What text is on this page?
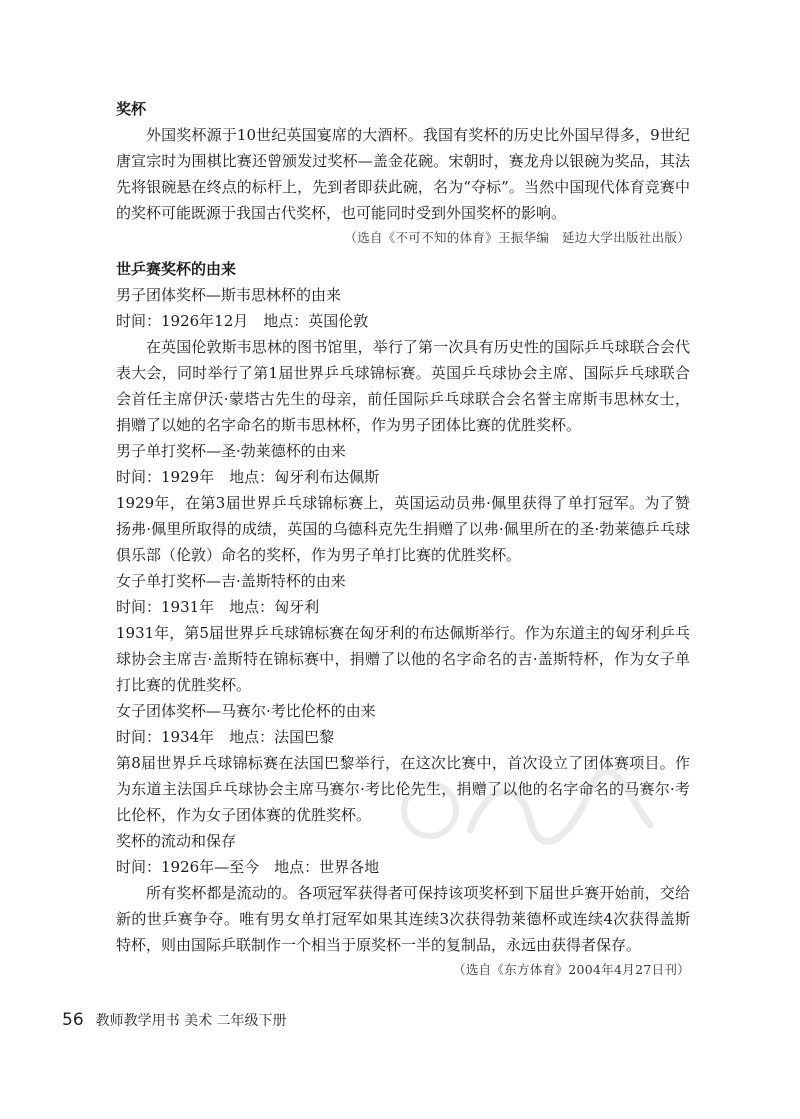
奖杯

外国奖杯源于10世纪英国宴席的大酒杯。我国有奖杯的历史比外国早得多，9世纪唐宣宗时为围棋比赛还曾颁发过奖杯—盖金花碗。宋朝时，赛龙舟以银碗为奖品，其法先将银碗悬在终点的标杆上，先到者即获此碗，名为“夺标”。当然中国现代体育竞赛中的奖杯可能既源于我国古代奖杯，也可能同时受到外国奖杯的影响。

（选自《不可不知的体育》王振华编　延边大学出版社出版）
世乒赛奖杯的由来
男子团体奖杯—斯韦思林杯的由来
时间：1926年12月　地点：英国伦敦

在英国伦敦斯韦思林的图书馆里，举行了第一次具有历史性的国际乒乓球联合会代表大会，同时举行了第1届世界乒乓球锦标赛。英国乒乓球协会主席、国际乒乓球联合会首任主席伊沃·蒙塔古先生的母亲，前任国际乒乓球联合会名誉主席斯韦思林女士，捐赠了以她的名字命名的斯韦思林杯，作为男子团体比赛的优胜奖杯。

男子单打奖杯—圣·勃莱德杯的由来
时间：1929年　地点：匈牙利布达佩斯

1929年，在第3届世界乒乓球锦标赛上，英国运动员弗·佩里获得了单打冠军。为了赞扬弗·佩里所取得的成绩，英国的乌德科克先生捐赠了以弗·佩里所在的圣·勃莱德乒乓球俱乐部（伦敦）命名的奖杯，作为男子单打比赛的优胜奖杯。

女子单打奖杯—吉·盖斯特杯的由来
时间：1931年　地点：匈牙利

1931年，第5届世界乒乓球锦标赛在匈牙利的布达佩斯举行。作为东道主的匈牙利乒乓球协会主席吉·盖斯特在锦标赛中，捐赠了以他的名字命名的吉·盖斯特杯，作为女子单打比赛的优胜奖杯。

女子团体奖杯—马赛尔·考比伦杯的由来
时间：1934年　地点：法国巴黎

第8届世界乒乓球锦标赛在法国巴黎举行，在这次比赛中，首次设立了团体赛项目。作为东道主法国乒乓球协会主席马赛尔·考比伦先生，捐赠了以他的名字命名的马赛尔·考比伦杯，作为女子团体赛的优胜奖杯。

奖杯的流动和保存
时间：1926年—至今　地点：世界各地

所有奖杯都是流动的。各项冠军获得者可保持该项奖杯到下届世乒赛开始前，交给新的世乒赛争夺。唯有男女单打冠军如果其连续3次获得勃莱德杯或连续4次获得盖斯特杯，则由国际乒联制作一个相当于原奖杯一半的复制品，永远由获得者保存。

（选自《东方体育》2004年4月27日刊）
56 教师教学用书 美术 二年级下册
